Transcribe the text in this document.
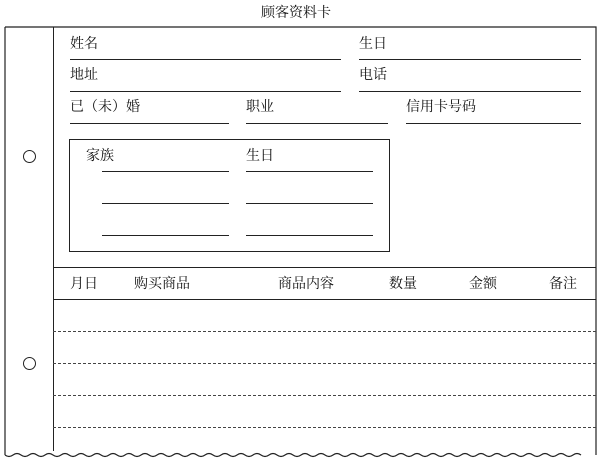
顾客资料卡
姓名	生日
地址	电话
已（未）婚	职业	信用卡号码
家族	生日
月日	购买商品	商品内容	数量	金额	备注
